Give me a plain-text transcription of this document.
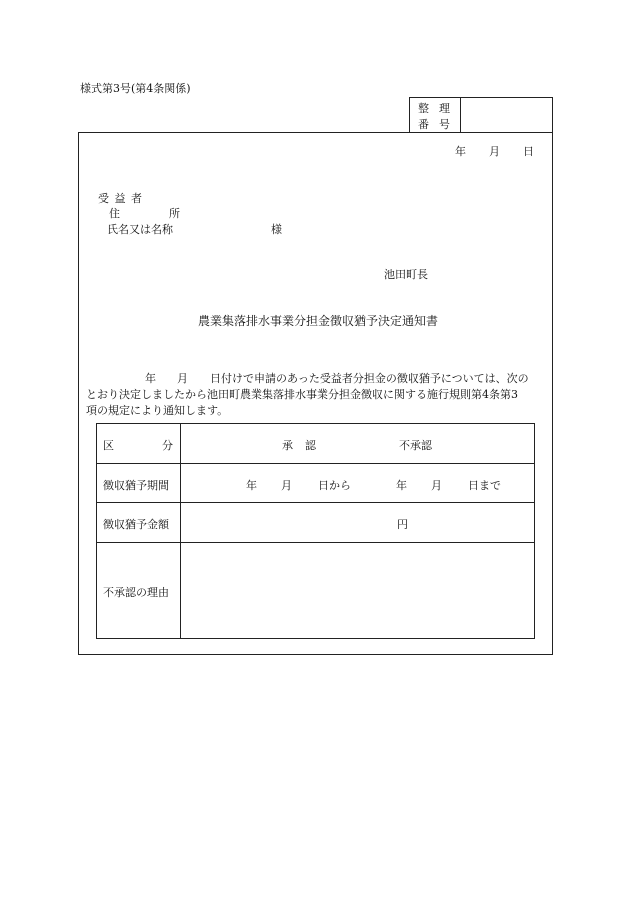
様式第3号(第4条関係)
整 理
番 号
年 月 日
受 益 者
住	所
氏名又は名称	様
池田町長
農業集落排水事業分担金徴収猶予決定通知書
年 月 日付けで申請のあった受益者分担金の徴収猶予については、次の
とおり決定しましたから池田町農業集落排水事業分担金徴収に関する施行規則第4条第3
項の規定により通知します。
区	分	承 認	不承認
徴収猶予期間	年 月 日から	年 月 日まで
徴収猶予金額	円
不承認の理由
